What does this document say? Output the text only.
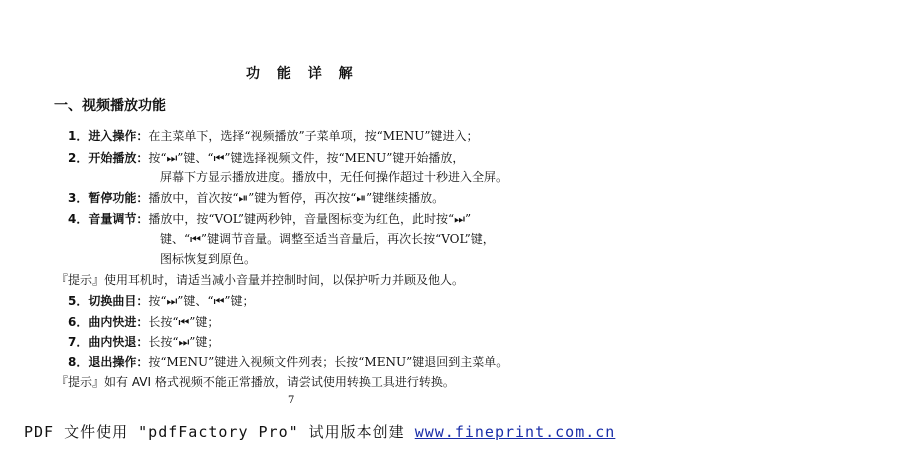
功 能 详 解
一、视频播放功能
1．进入操作：在主菜单下，选择“视频播放”子菜单项，按“MENU”键进入；
2．开始播放：按“⏭”键、“⏮”键选择视频文件，按“MENU”键开始播放，
屏幕下方显示播放进度。播放中，无任何操作超过十秒进入全屏。
3．暂停功能：播放中，首次按“⏯”键为暂停，再次按“⏯”键继续播放。
4．音量调节：播放中，按“VOL”键两秒钟，音量图标变为红色，此时按“⏭”
键、“⏮”键调节音量。调整至适当音量后，再次长按“VOL”键，
图标恢复到原色。
『提示』使用耳机时，请适当减小音量并控制时间，以保护听力并顾及他人。
5．切换曲目：按“⏭”键、“⏮”键；
6．曲内快进：长按“⏮”键；
7．曲内快退：长按“⏭”键；
8．退出操作：按“MENU”键进入视频文件列表；长按“MENU”键退回到主菜单。
『提示』如有 AVI 格式视频不能正常播放，请尝试使用转换工具进行转换。
7
PDF 文件使用 "pdfFactory Pro" 试用版本创建 www.fineprint.com.cn
